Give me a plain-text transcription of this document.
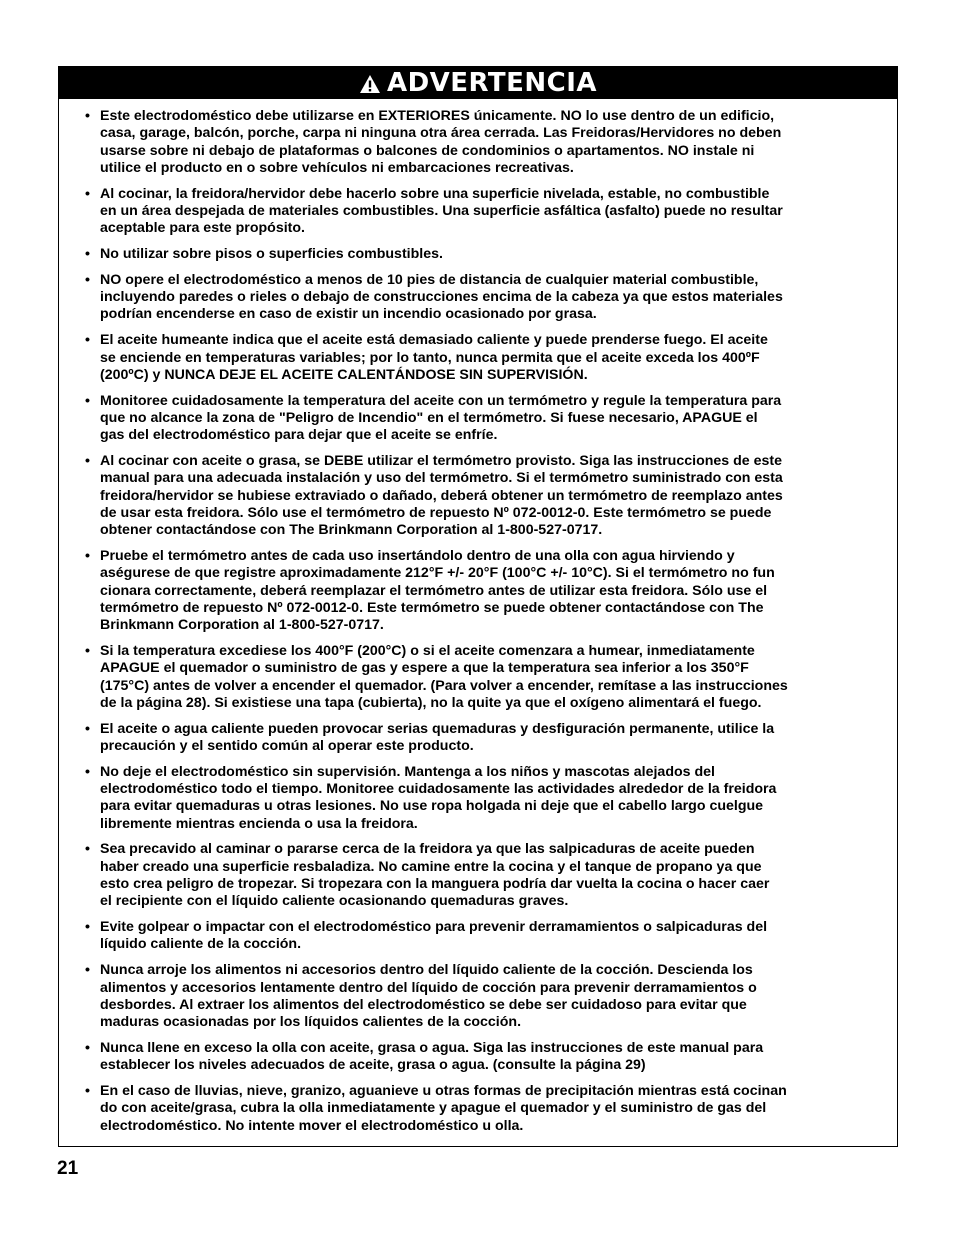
ADVERTENCIA
• Este electrodoméstico debe utilizarse en EXTERIORES únicamente. NO lo use dentro de un edificio,
casa, garage, balcón, porche, carpa ni ninguna otra área cerrada. Las Freidoras/Hervidores no deben
usarse sobre ni debajo de plataformas o balcones de condominios o apartamentos. NO instale ni
utilice el producto en o sobre vehículos ni embarcaciones recreativas.
• Al cocinar, la freidora/hervidor debe hacerlo sobre una superficie nivelada, estable, no combustible
en un área despejada de materiales combustibles. Una superficie asfáltica (asfalto) puede no resultar
aceptable para este propósito.
• No utilizar sobre pisos o superficies combustibles.
• NO opere el electrodoméstico a menos de 10 pies de distancia de cualquier material combustible,
incluyendo paredes o rieles o debajo de construcciones encima de la cabeza ya que estos materiales
podrían encenderse en caso de existir un incendio ocasionado por grasa.
• El aceite humeante indica que el aceite está demasiado caliente y puede prenderse fuego. El aceite
se enciende en temperaturas variables; por lo tanto, nunca permita que el aceite exceda los 400ºF
(200ºC) y NUNCA DEJE EL ACEITE CALENTÁNDOSE SIN SUPERVISIÓN.
• Monitoree cuidadosamente la temperatura del aceite con un termómetro y regule la temperatura para
que no alcance la zona de "Peligro de Incendio" en el termómetro. Si fuese necesario, APAGUE el
gas del electrodoméstico para dejar que el aceite se enfríe.
• Al cocinar con aceite o grasa, se DEBE utilizar el termómetro provisto. Siga las instrucciones de este
manual para una adecuada instalación y uso del termómetro. Si el termómetro suministrado con esta
freidora/hervidor se hubiese extraviado o dañado, deberá obtener un termómetro de reemplazo antes
de usar esta freidora. Sólo use el termómetro de repuesto Nº 072-0012-0. Este termómetro se puede
obtener contactándose con The Brinkmann Corporation al 1-800-527-0717.
• Pruebe el termómetro antes de cada uso insertándolo dentro de una olla con agua hirviendo y
aségurese de que registre aproximadamente 212°F +/- 20°F (100°C +/- 10°C). Si el termómetro no fun
cionara correctamente, deberá reemplazar el termómetro antes de utilizar esta freidora. Sólo use el
termómetro de repuesto Nº 072-0012-0. Este termómetro se puede obtener contactándose con The
Brinkmann Corporation al 1-800-527-0717.
• Si la temperatura excediese los 400°F (200°C) o si el aceite comenzara a humear, inmediatamente
APAGUE el quemador o suministro de gas y espere a que la temperatura sea inferior a los 350°F
(175°C) antes de volver a encender el quemador. (Para volver a encender, remítase a las instrucciones
de la página 28). Si existiese una tapa (cubierta), no la quite ya que el oxígeno alimentará el fuego.
• El aceite o agua caliente pueden provocar serias quemaduras y desfiguración permanente, utilice la
precaución y el sentido común al operar este producto.
• No deje el electrodoméstico sin supervisión. Mantenga a los niños y mascotas alejados del
electrodoméstico todo el tiempo. Monitoree cuidadosamente las actividades alrededor de la freidora
para evitar quemaduras u otras lesiones. No use ropa holgada ni deje que el cabello largo cuelgue
libremente mientras encienda o usa la freidora.
• Sea precavido al caminar o pararse cerca de la freidora ya que las salpicaduras de aceite pueden
haber creado una superficie resbaladiza. No camine entre la cocina y el tanque de propano ya que
esto crea peligro de tropezar. Si tropezara con la manguera podría dar vuelta la cocina o hacer caer
el recipiente con el líquido caliente ocasionando quemaduras graves.
• Evite golpear o impactar con el electrodoméstico para prevenir derramamientos o salpicaduras del
líquido caliente de la cocción.
• Nunca arroje los alimentos ni accesorios dentro del líquido caliente de la cocción. Descienda los
alimentos y accesorios lentamente dentro del líquido de cocción para prevenir derramamientos o
desbordes. Al extraer los alimentos del electrodoméstico se debe ser cuidadoso para evitar que
maduras ocasionadas por los líquidos calientes de la cocción.
• Nunca llene en exceso la olla con aceite, grasa o agua. Siga las instrucciones de este manual para
establecer los niveles adecuados de aceite, grasa o agua. (consulte la página 29)
• En el caso de lluvias, nieve, granizo, aguanieve u otras formas de precipitación mientras está cocinan
do con aceite/grasa, cubra la olla inmediatamente y apague el quemador y el suministro de gas del
electrodoméstico. No intente mover el electrodoméstico u olla.
21
